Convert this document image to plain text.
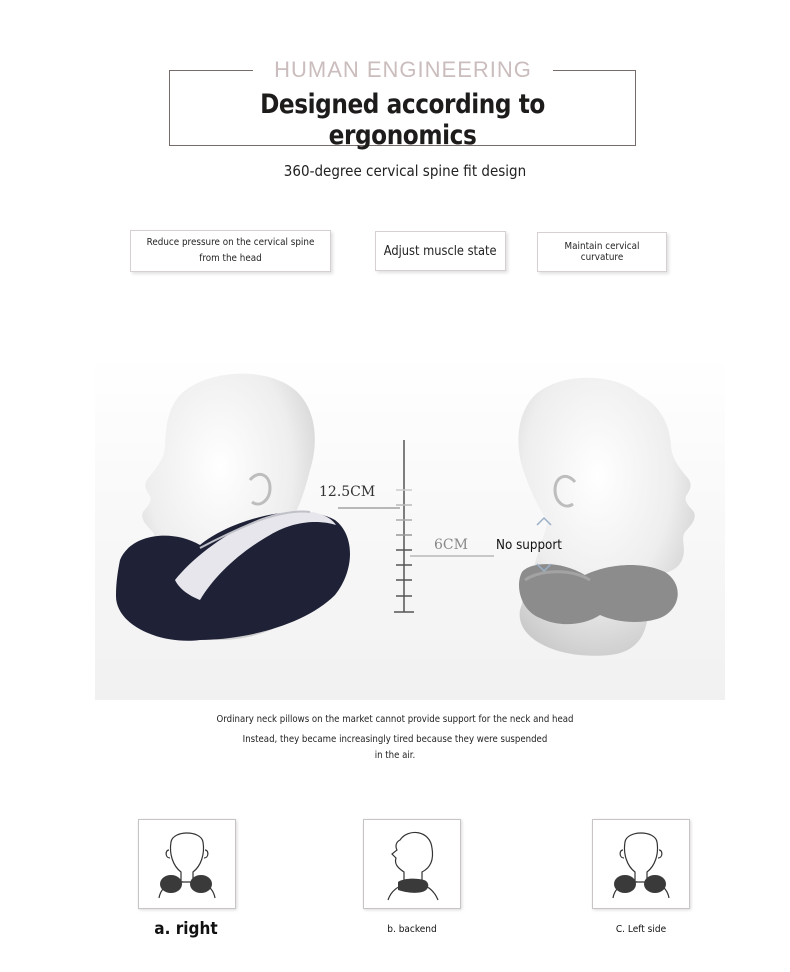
HUMAN ENGINEERING
Designed according to ergonomics
360-degree cervical spine fit design
Reduce pressure on the cervical spine from the head	Adjust muscle state	Maintain cervical curvature
12.5CM
6CM No support
Ordinary neck pillows on the market cannot provide support for the neck and head
Instead, they became increasingly tired because they were suspended
in the air.
a. right	b. backend	C. Left side
